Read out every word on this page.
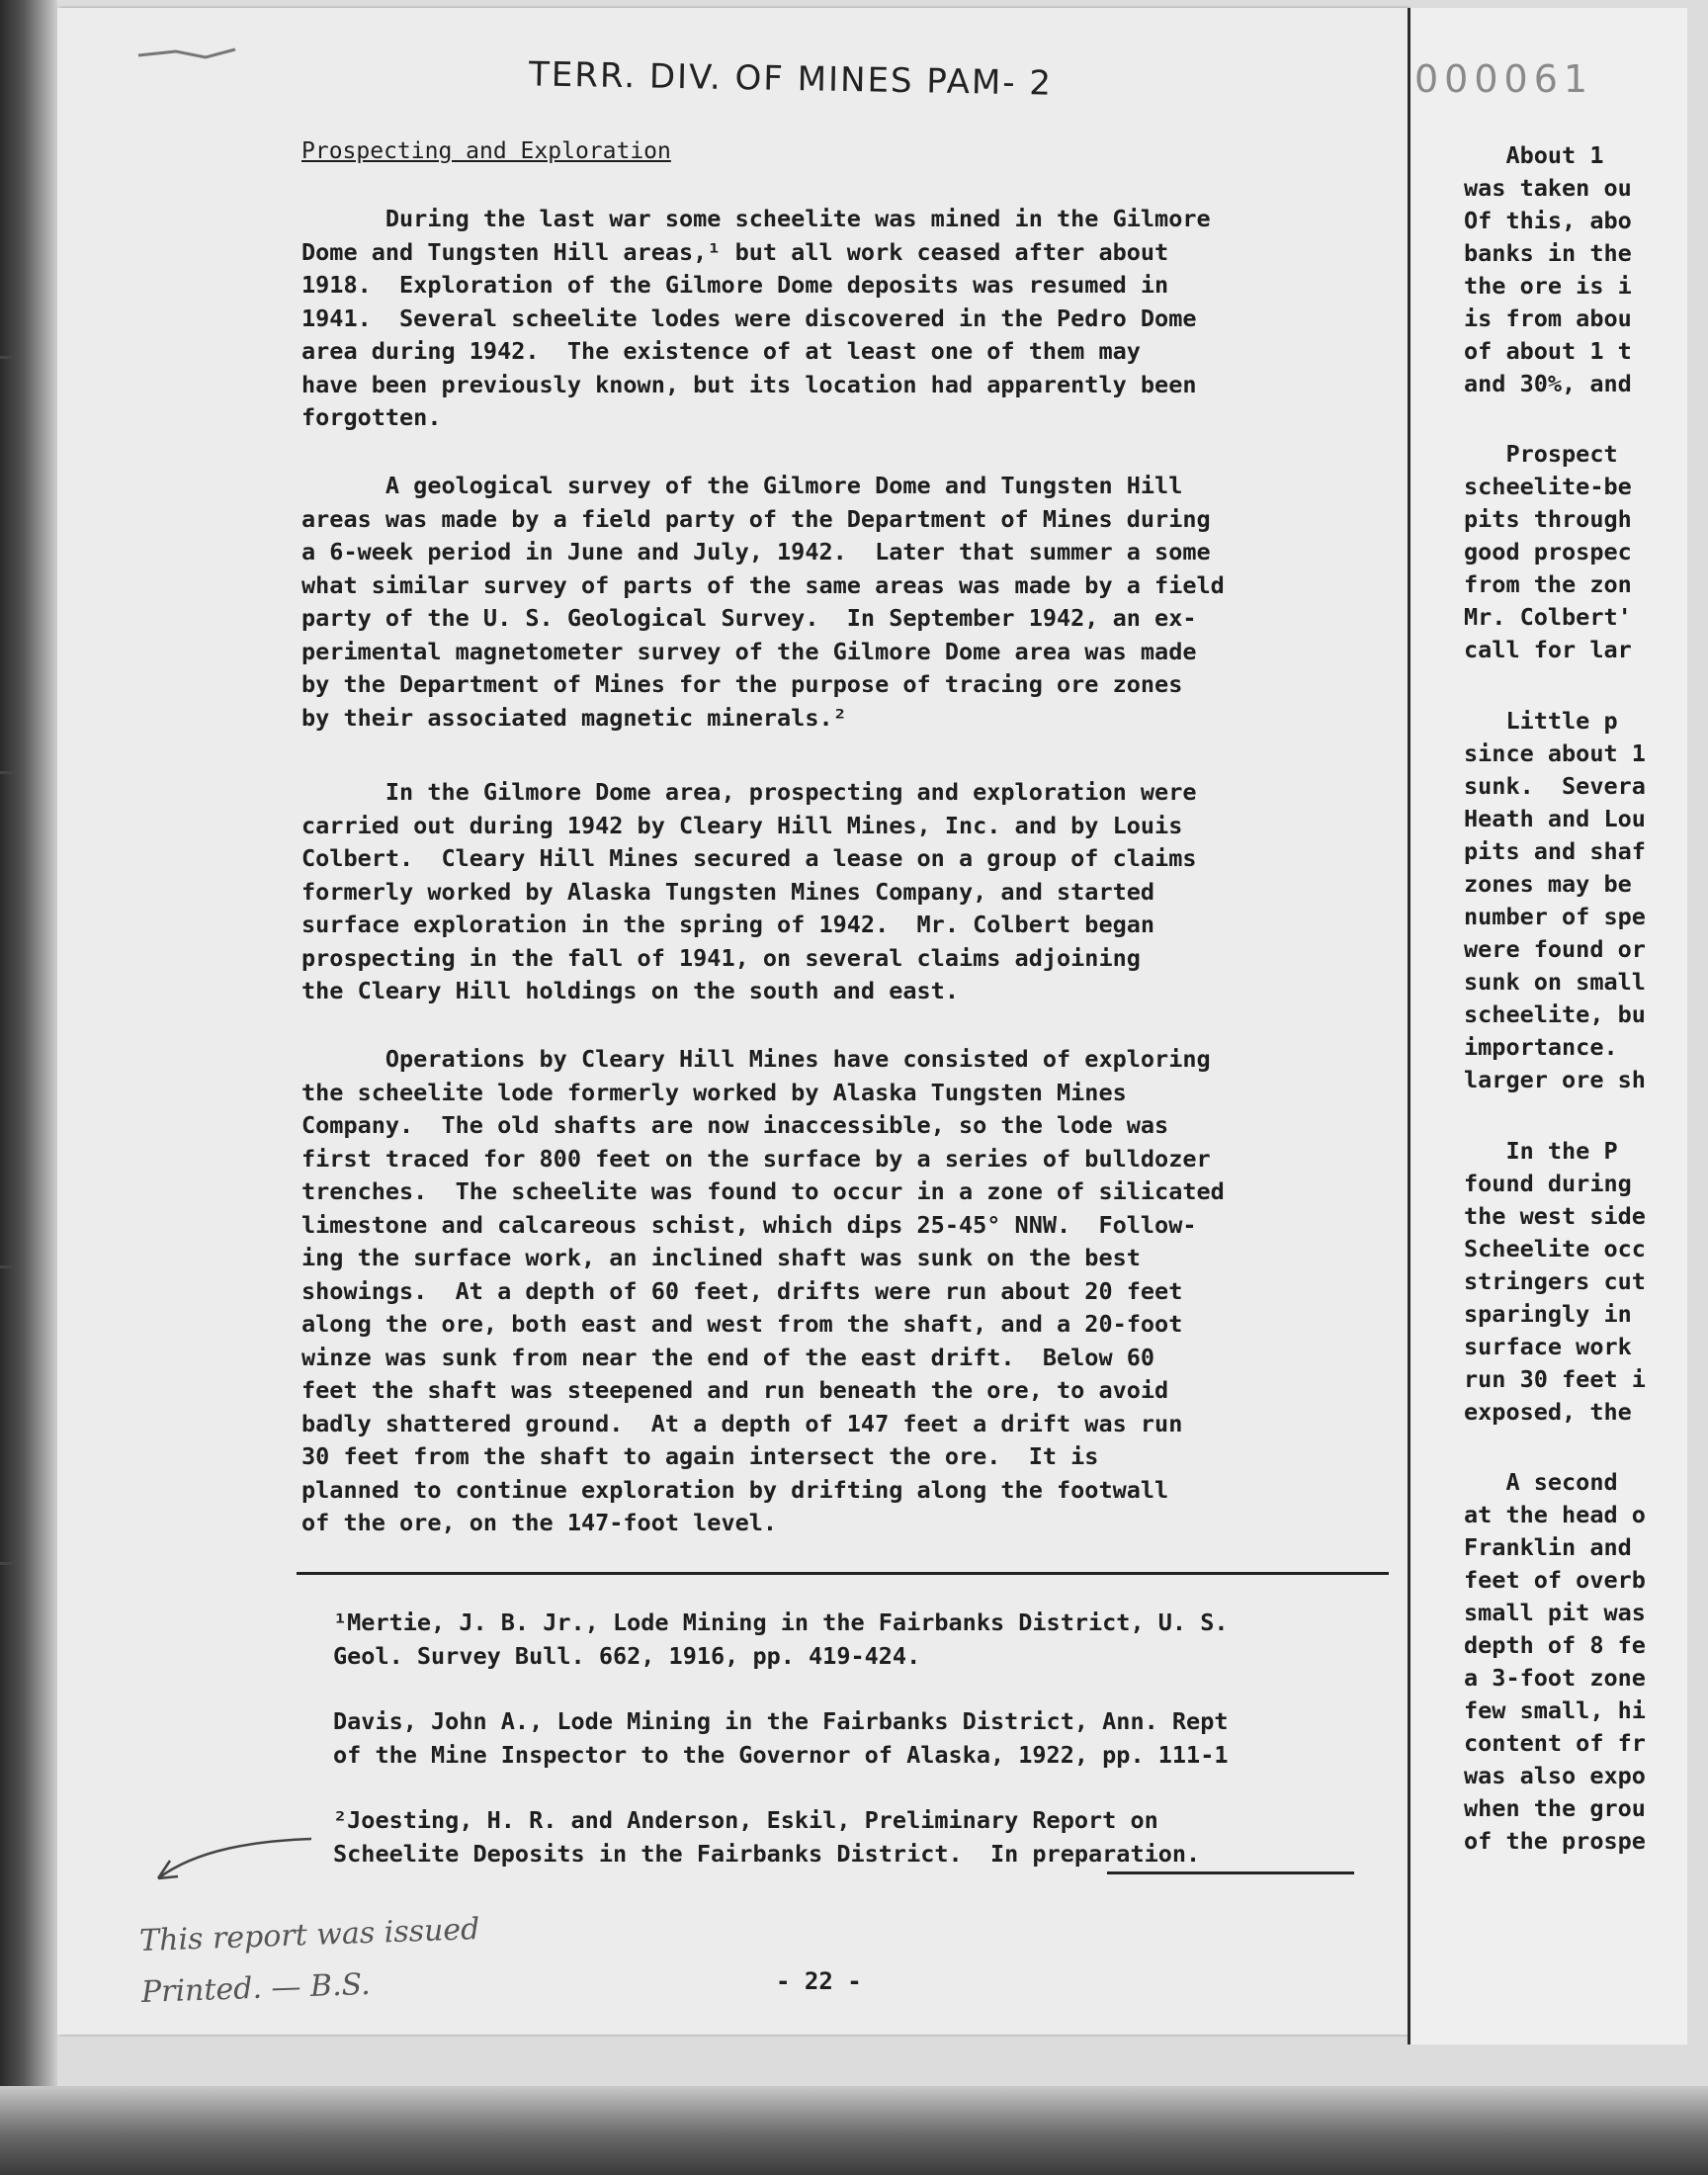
TERR. DIV. OF MINES PAM- 2
Prospecting and Exploration
During the last war some scheelite was mined in the Gilmore
Dome and Tungsten Hill areas,¹ but all work ceased after about
1918.  Exploration of the Gilmore Dome deposits was resumed in
1941.  Several scheelite lodes were discovered in the Pedro Dome
area during 1942.  The existence of at least one of them may
have been previously known, but its location had apparently been
forgotten.
A geological survey of the Gilmore Dome and Tungsten Hill
areas was made by a field party of the Department of Mines during
a 6-week period in June and July, 1942.  Later that summer a some
what similar survey of parts of the same areas was made by a field
party of the U. S. Geological Survey.  In September 1942, an ex-
perimental magnetometer survey of the Gilmore Dome area was made
by the Department of Mines for the purpose of tracing ore zones
by their associated magnetic minerals.²
In the Gilmore Dome area, prospecting and exploration were
carried out during 1942 by Cleary Hill Mines, Inc. and by Louis
Colbert.  Cleary Hill Mines secured a lease on a group of claims
formerly worked by Alaska Tungsten Mines Company, and started
surface exploration in the spring of 1942.  Mr. Colbert began
prospecting in the fall of 1941, on several claims adjoining
the Cleary Hill holdings on the south and east.
Operations by Cleary Hill Mines have consisted of exploring
the scheelite lode formerly worked by Alaska Tungsten Mines
Company.  The old shafts are now inaccessible, so the lode was
first traced for 800 feet on the surface by a series of bulldozer
trenches.  The scheelite was found to occur in a zone of silicated
limestone and calcareous schist, which dips 25-45° NNW.  Follow-
ing the surface work, an inclined shaft was sunk on the best
showings.  At a depth of 60 feet, drifts were run about 20 feet
along the ore, both east and west from the shaft, and a 20-foot
winze was sunk from near the end of the east drift.  Below 60
feet the shaft was steepened and run beneath the ore, to avoid
badly shattered ground.  At a depth of 147 feet a drift was run
30 feet from the shaft to again intersect the ore.  It is
planned to continue exploration by drifting along the footwall
of the ore, on the 147-foot level.
¹Mertie, J. B. Jr., Lode Mining in the Fairbanks District, U. S.
Geol. Survey Bull. 662, 1916, pp. 419-424.
Davis, John A., Lode Mining in the Fairbanks District, Ann. Rept
of the Mine Inspector to the Governor of Alaska, 1922, pp. 111-1
²Joesting, H. R. and Anderson, Eskil, Preliminary Report on
Scheelite Deposits in the Fairbanks District.  In preparation.
This report was issued
Printed. — B.S.	- 22 -
000061
About 1
was taken ou
Of this, abo
banks in the
the ore is i
is from abou
of about 1 t
and 30%, and
Prospect
scheelite-be
pits through
good prospec
from the zon
Mr. Colbert'
call for lar
Little p
since about 1
sunk.  Severa
Heath and Lou
pits and shaf
zones may be
number of spe
were found or
sunk on small
scheelite, bu
importance.
larger ore sh
In the P
found during
the west side
Scheelite occ
stringers cut
sparingly in
surface work
run 30 feet i
exposed, the
A second
at the head o
Franklin and
feet of overb
small pit was
depth of 8 fe
a 3-foot zone
few small, hi
content of fr
was also expo
when the grou
of the prospe
